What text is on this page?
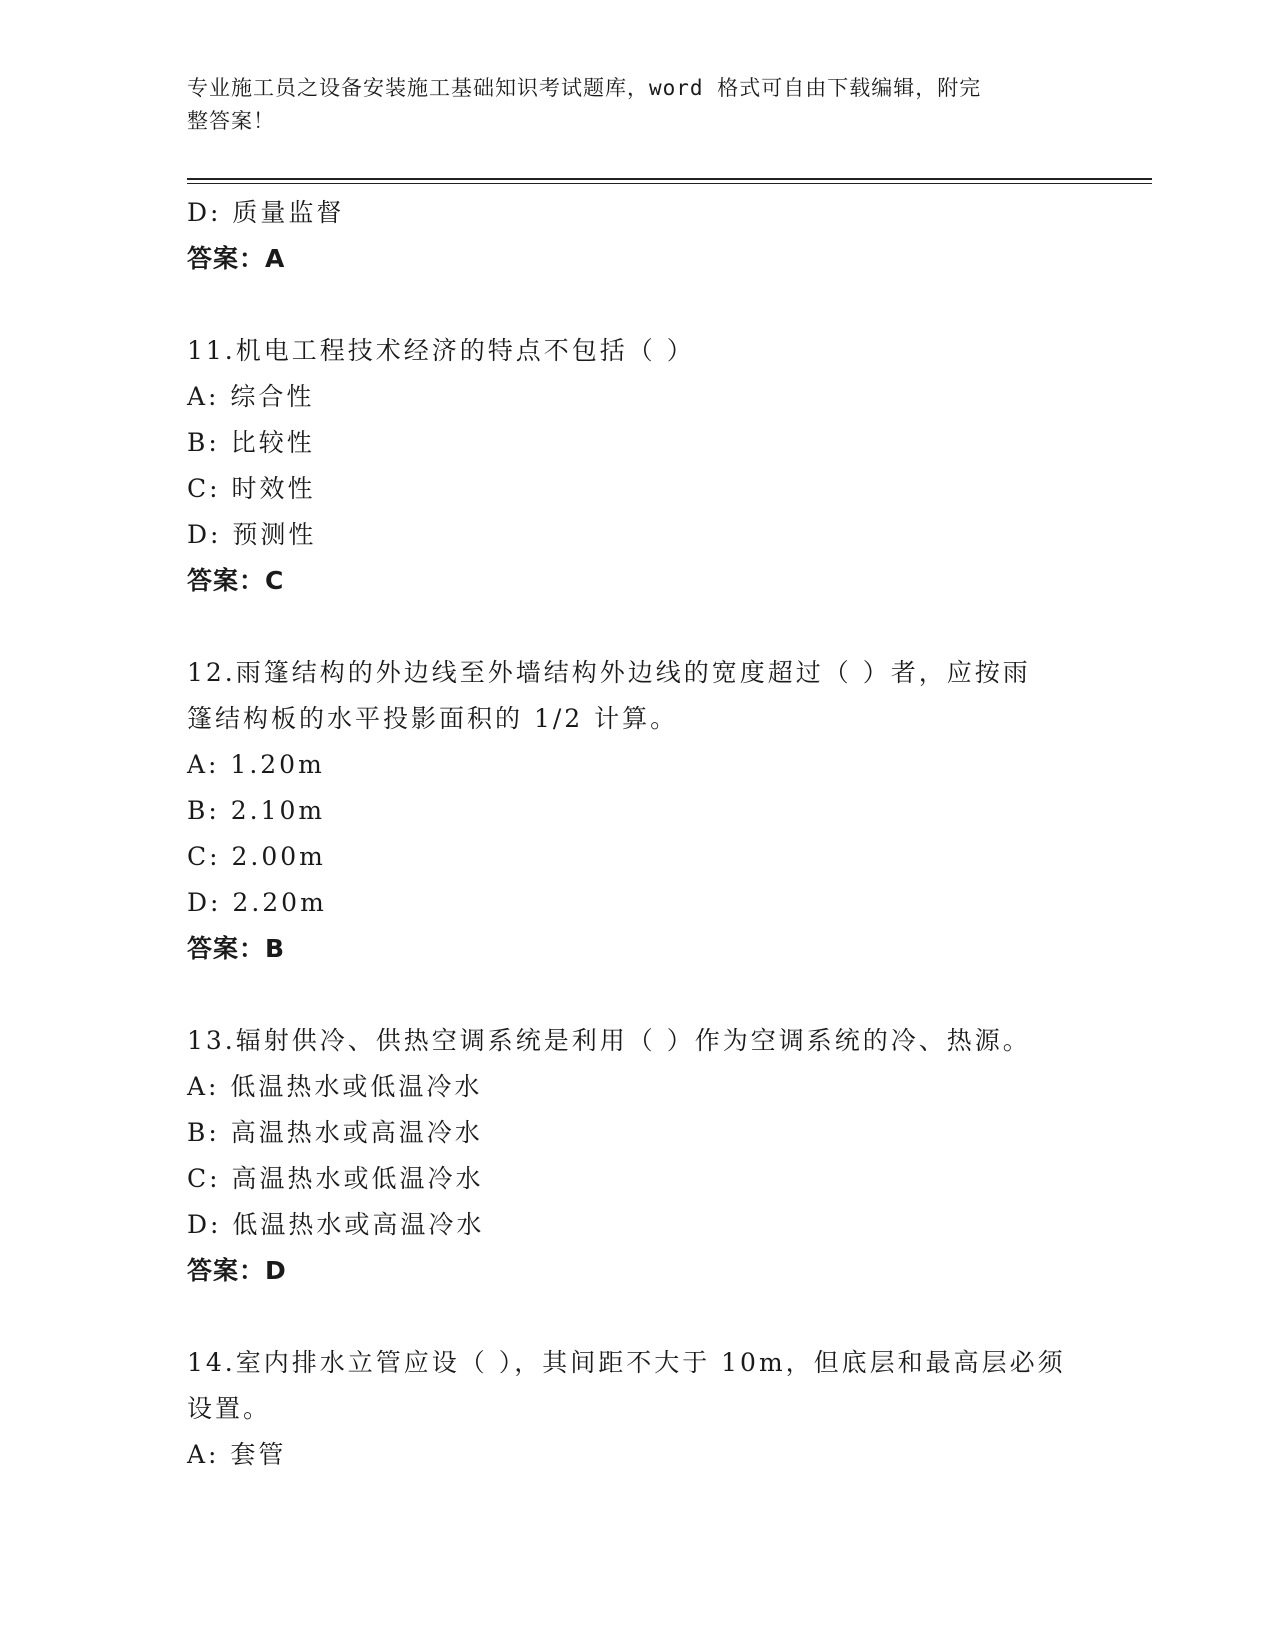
专业施工员之设备安装施工基础知识考试题库，word 格式可自由下载编辑，附完
整答案！
D: 质量监督
答案：A
11.机电工程技术经济的特点不包括（ ）
A: 综合性
B: 比较性
C: 时效性
D: 预测性
答案：C
12.雨篷结构的外边线至外墙结构外边线的宽度超过（ ）者，应按雨
篷结构板的水平投影面积的 1/2 计算。
A: 1.20m
B: 2.10m
C: 2.00m
D: 2.20m
答案：B
13.辐射供冷、供热空调系统是利用（ ）作为空调系统的冷、热源。
A: 低温热水或低温冷水
B: 高温热水或高温冷水
C: 高温热水或低温冷水
D: 低温热水或高温冷水
答案：D
14.室内排水立管应设（ ），其间距不大于 10m，但底层和最高层必须
设置。
A: 套管
